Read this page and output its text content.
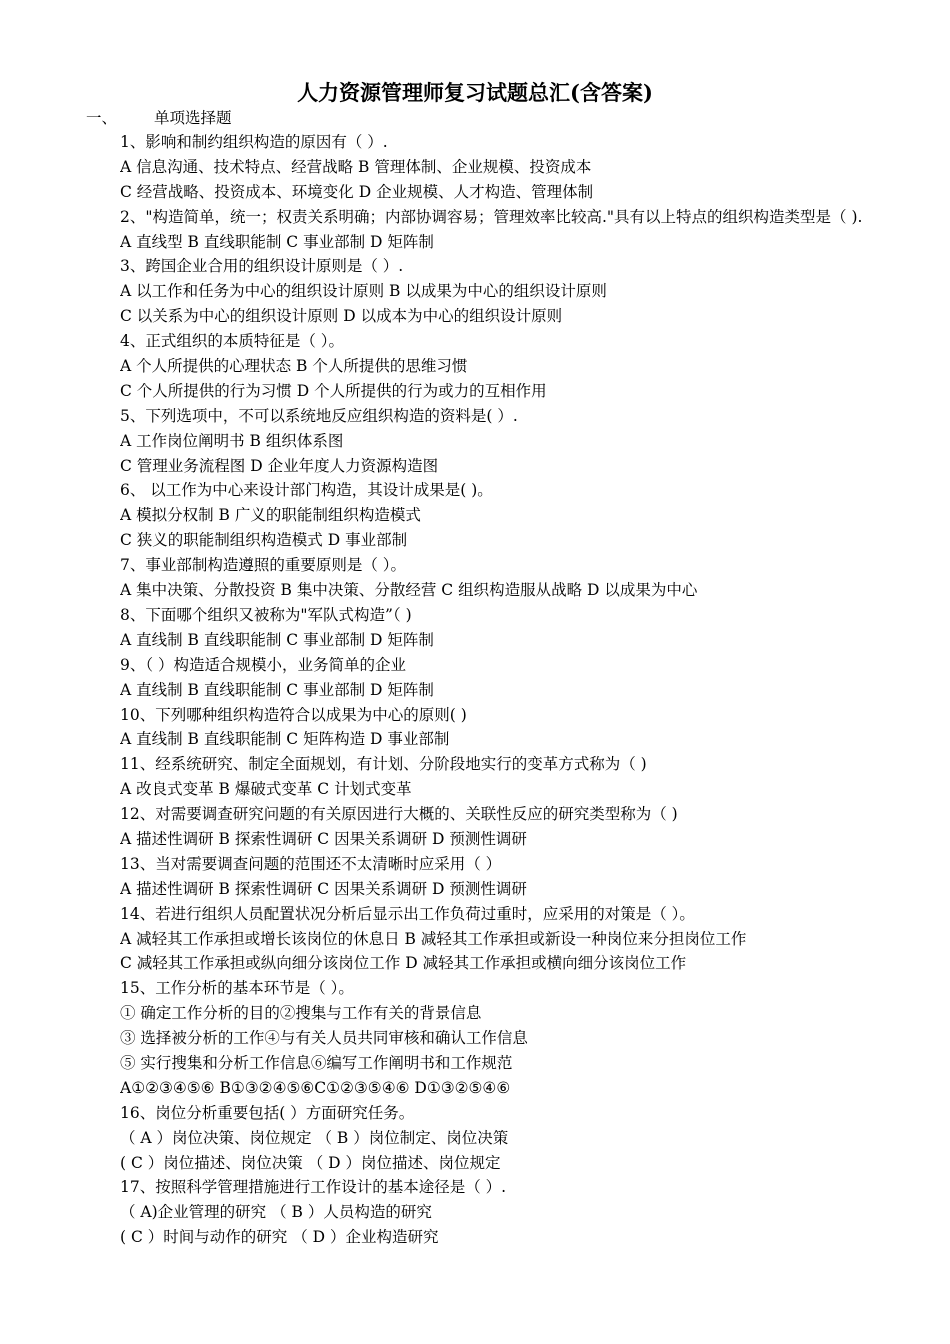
人力资源管理师复习试题总汇(含答案)
一、 单项选择题
1、影响和制约组织构造的原因有（ ）.
A 信息沟通、技术特点、经营战略 B 管理体制、企业规模、投资成本
C 经营战略、投资成本、环境变化 D 企业规模、人才构造、管理体制
2、"构造简单，统一；权责关系明确；内部协调容易；管理效率比较高."具有以上特点的组织构造类型是（ ).
A 直线型 B 直线职能制 C 事业部制 D 矩阵制
3、跨国企业合用的组织设计原则是（ ）.
A 以工作和任务为中心的组织设计原则 B 以成果为中心的组织设计原则
C 以关系为中心的组织设计原则 D 以成本为中心的组织设计原则
4、正式组织的本质特征是（ ）。
A 个人所提供的心理状态 B 个人所提供的思维习惯
C 个人所提供的行为习惯 D 个人所提供的行为或力的互相作用
5、下列选项中，不可以系统地反应组织构造的资料是( ）.
A 工作岗位阐明书 B 组织体系图
C 管理业务流程图 D 企业年度人力资源构造图
6、 以工作为中心来设计部门构造，其设计成果是( )。
A 模拟分权制 B 广义的职能制组织构造模式
C 狭义的职能制组织构造模式 D 事业部制
7、事业部制构造遵照的重要原则是（ ）。
A 集中决策、分散投资 B 集中决策、分散经营 C 组织构造服从战略 D 以成果为中心
8、下面哪个组织又被称为"军队式构造”（ )
A 直线制 B 直线职能制 C 事业部制 D 矩阵制
9、（ ）构造适合规模小，业务简单的企业
A 直线制 B 直线职能制 C 事业部制 D 矩阵制
10、下列哪种组织构造符合以成果为中心的原则( )
A 直线制 B 直线职能制 C 矩阵构造 D 事业部制
11、经系统研究、制定全面规划，有计划、分阶段地实行的变革方式称为（ )
A 改良式变革 B 爆破式变革 C 计划式变革
12、对需要调查研究问题的有关原因进行大概的、关联性反应的研究类型称为（ )
A 描述性调研 B 探索性调研 C 因果关系调研 D 预测性调研
13、当对需要调查问题的范围还不太清晰时应采用（ ）
A 描述性调研 B 探索性调研 C 因果关系调研 D 预测性调研
14、若进行组织人员配置状况分析后显示出工作负荷过重时，应采用的对策是（ ）。
A 减轻其工作承担或增长该岗位的休息日 B 减轻其工作承担或新设一种岗位来分担岗位工作
C 减轻其工作承担或纵向细分该岗位工作 D 减轻其工作承担或横向细分该岗位工作
15、工作分析的基本环节是（ ）。
① 确定工作分析的目的②搜集与工作有关的背景信息
③ 选择被分析的工作④与有关人员共同审核和确认工作信息
⑤ 实行搜集和分析工作信息⑥编写工作阐明书和工作规范
A①②③④⑤⑥ B①③②④⑤⑥C①②③⑤④⑥ D①③②⑤④⑥
16、岗位分析重要包括( ）方面研究任务。
（ A ）岗位决策、岗位规定 （ B ）岗位制定、岗位决策
( C ）岗位描述、岗位决策 （ D ）岗位描述、岗位规定
17、按照科学管理措施进行工作设计的基本途径是（ ）.
（ A)企业管理的研究 （ B ）人员构造的研究
( C ）时间与动作的研究 （ D ）企业构造研究
